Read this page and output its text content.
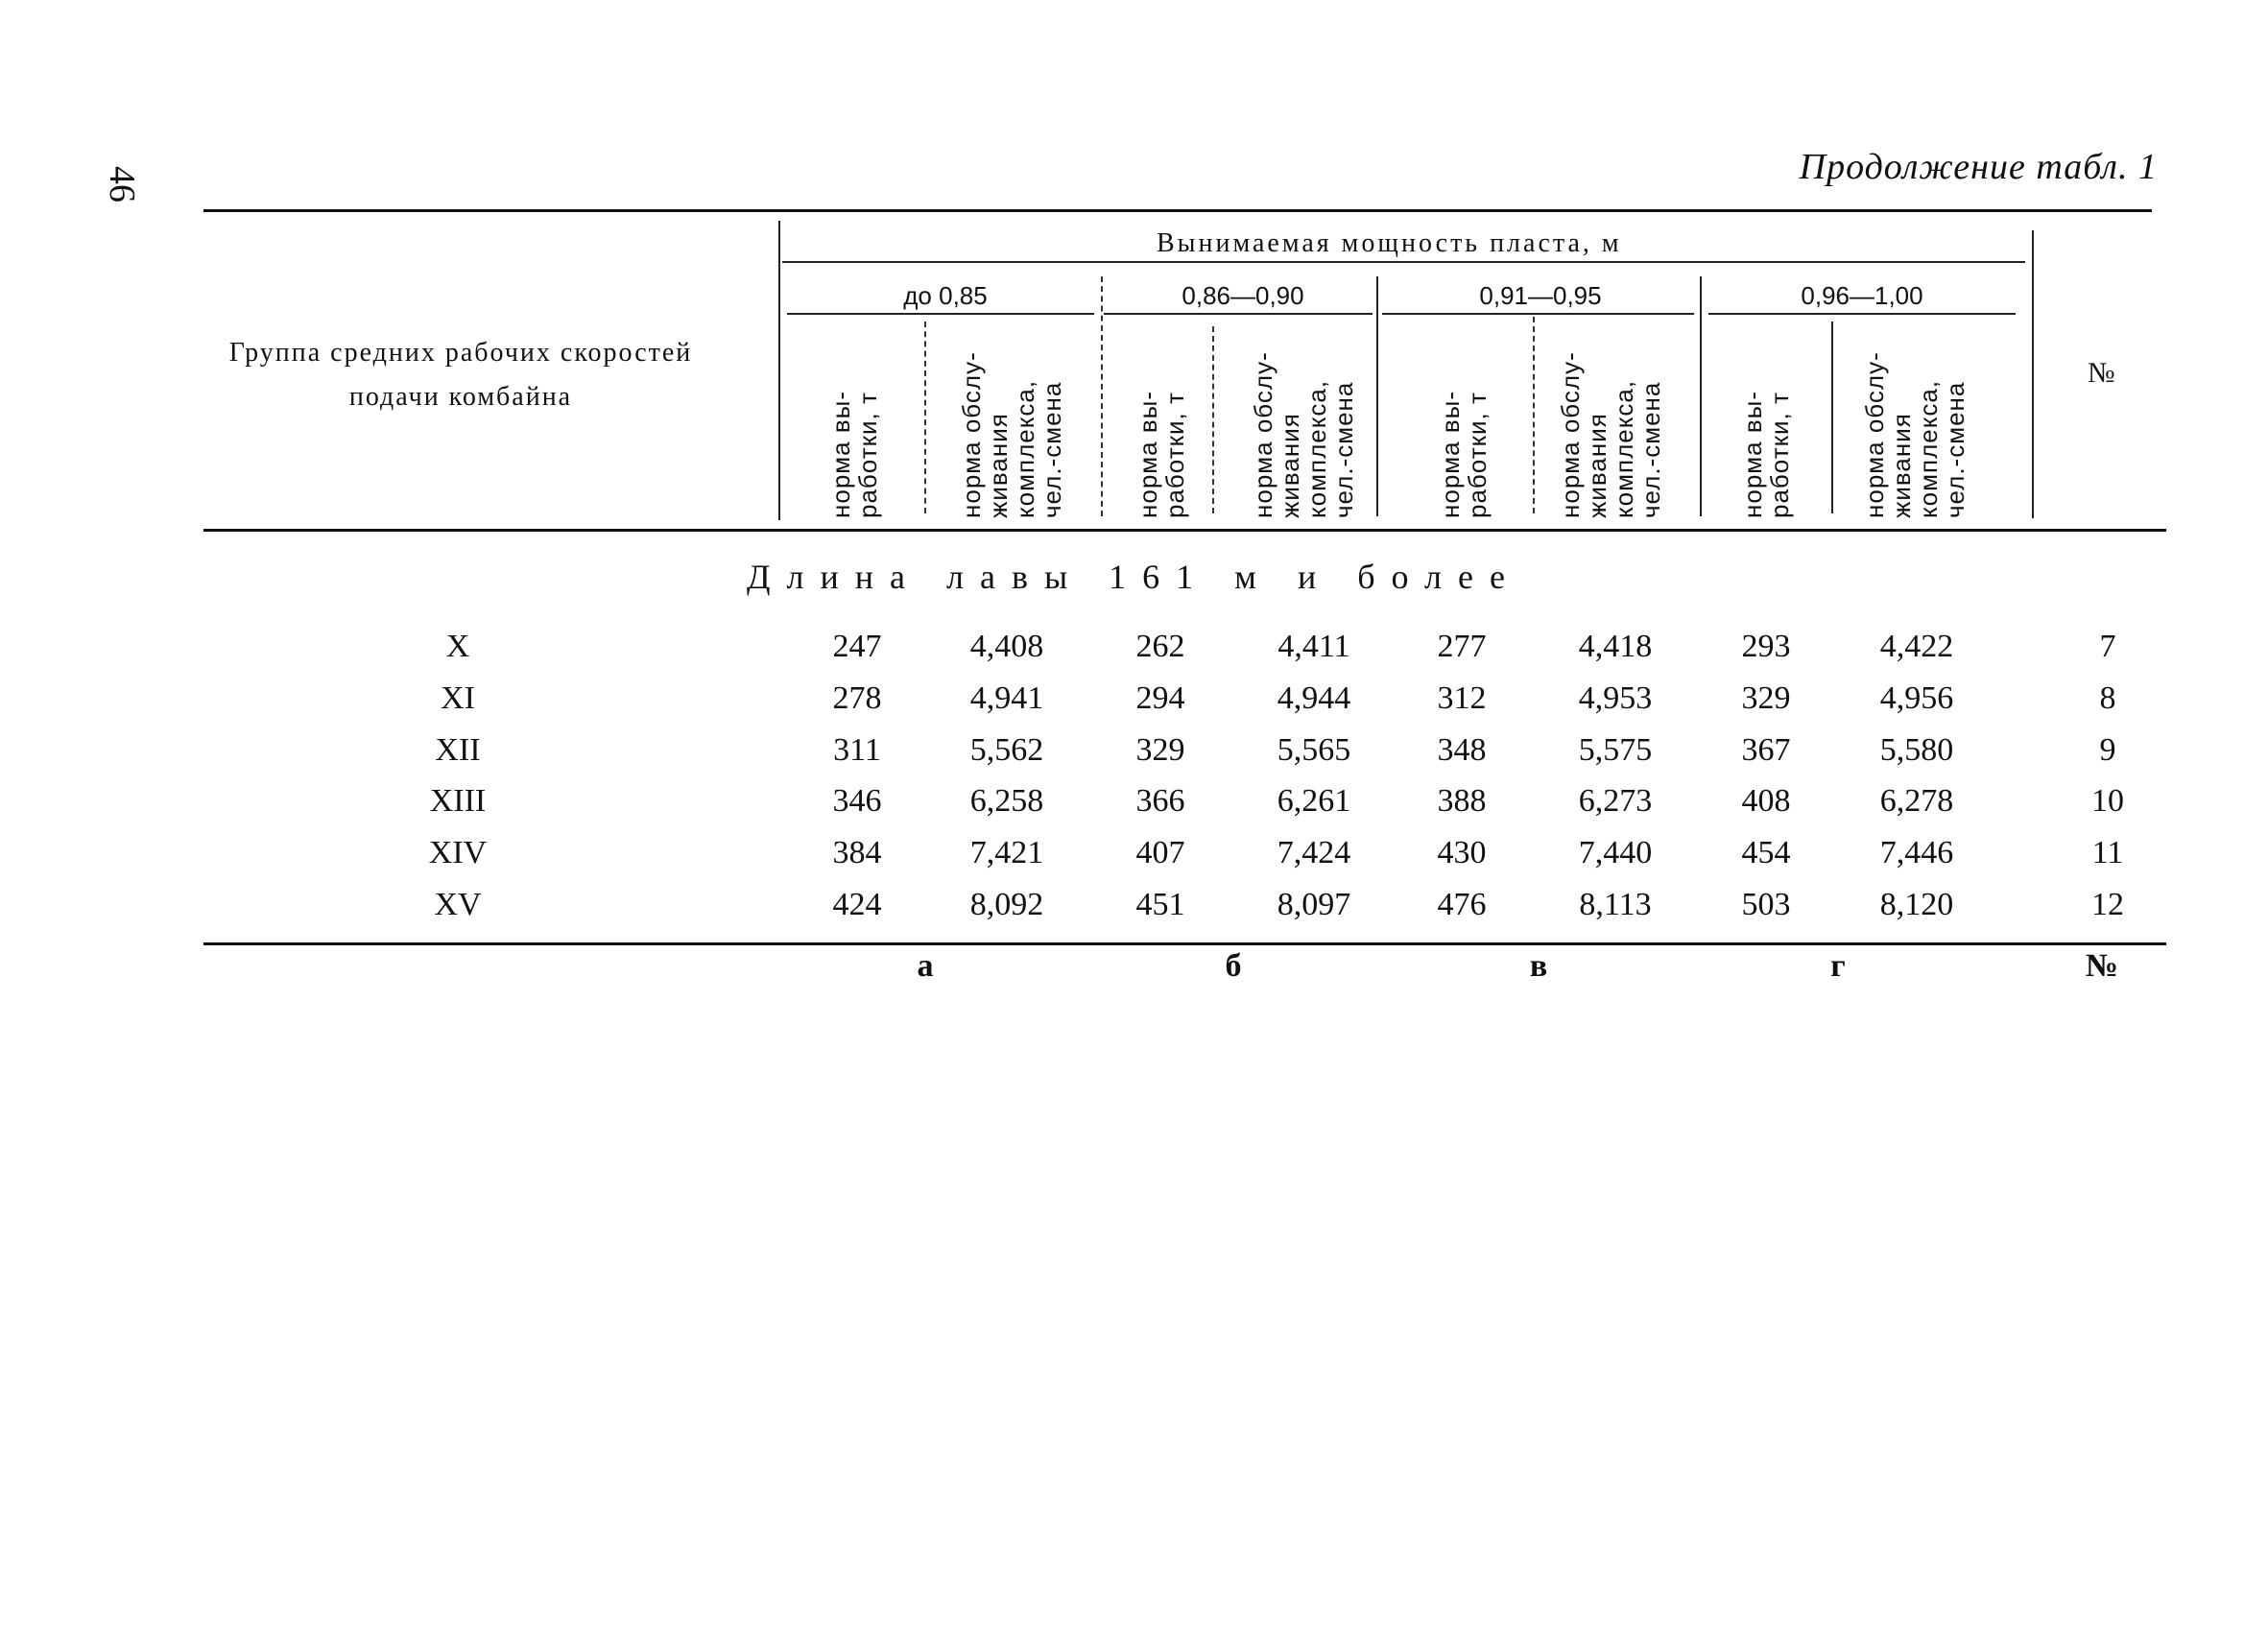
46	Продолжение табл. 1
Группа средних рабочих скоростей подачи комбайна
Вынимаемая мощность пласта, м
№
до 0,85	0,86—0,90	0,91—0,95	0,96—1,00
норма вы-
работки, т
норма обслу-
живания
комплекса,
чел.-смена	норма вы-
работки, т
норма обслу-
живания
комплекса,
чел.-смена	норма вы-
работки, т
норма обслу-
живания
комплекса,
чел.-смена	норма вы-
работки, т
норма обслу-
живания
комплекса,
чел.-смена
Длина лавы 161 м и более
X	247	4,408	262	4,411	277	4,418	293	4,422	7
XI	278	4,941	294	4,944	312	4,953	329	4,956	8
XII	311	5,562	329	5,565	348	5,575	367	5,580	9
XIII	346	6,258	366	6,261	388	6,273	408	6,278	10
XIV	384	7,421	407	7,424	430	7,440	454	7,446	11
XV	424	8,092	451	8,097	476	8,113	503	8,120	12
а	б	в	г	№
